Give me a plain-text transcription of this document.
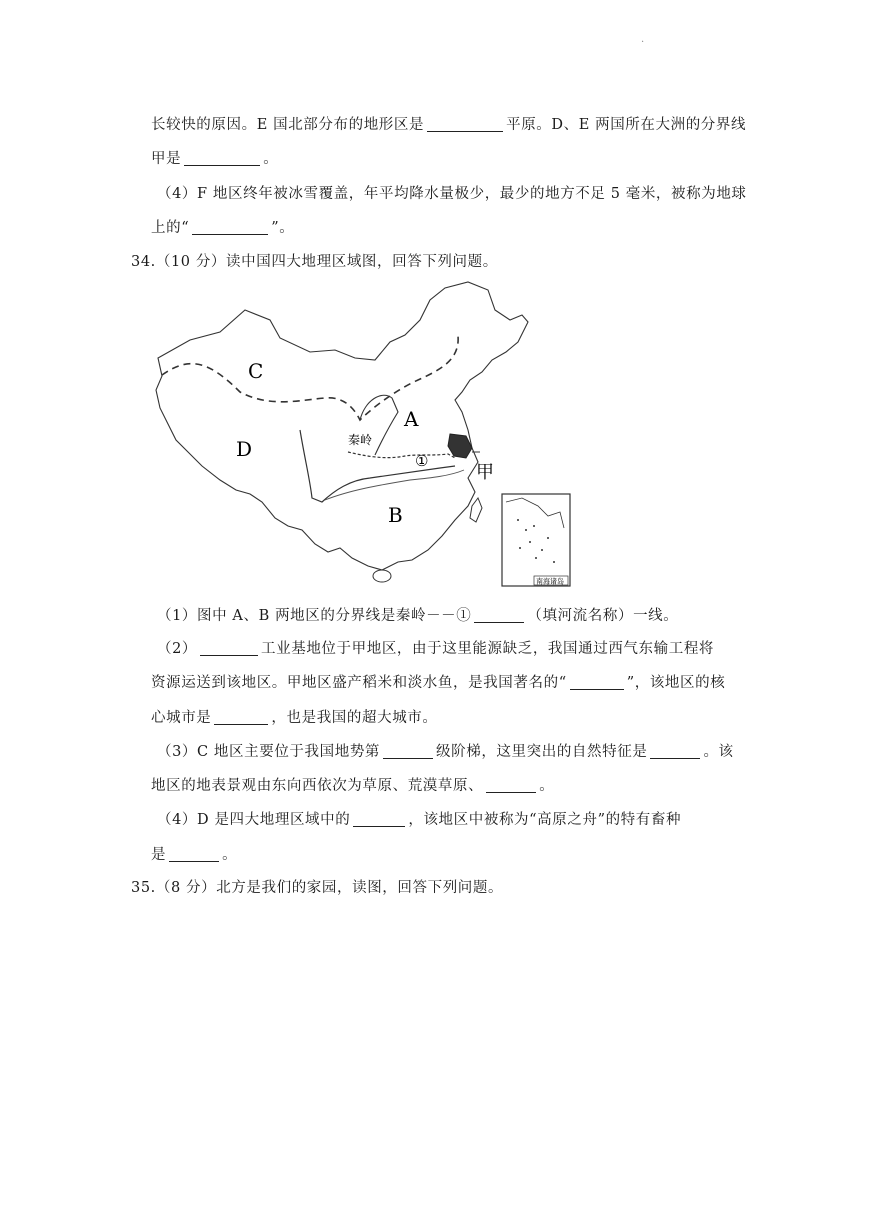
.
长较快的原因。E 国北部分布的地形区是	平原。D、E 两国所在大洲的分界线
甲是	。
（4）F 地区终年被冰雪覆盖，年平均降水量极少，最少的地方不足 5 毫米，被称为地球
上的“	”。
34.（10 分）读中国四大地理区域图，回答下列问题。
C
A
D
B
秦岭
①
甲
南海诸岛
（1）图中 A、B 两地区的分界线是秦岭－－①	（填河流名称）一线。
（2）	工业基地位于甲地区，由于这里能源缺乏，我国通过西气东输工程将
资源运送到该地区。甲地区盛产稻米和淡水鱼，是我国著名的“	”，该地区的核
心城市是	，也是我国的超大城市。
（3）C 地区主要位于我国地势第	级阶梯，这里突出的自然特征是	。该
地区的地表景观由东向西依次为草原、荒漠草原、	。
（4）D 是四大地理区域中的	，该地区中被称为“高原之舟”的特有畜种
是	。
35.（8 分）北方是我们的家园，读图，回答下列问题。
